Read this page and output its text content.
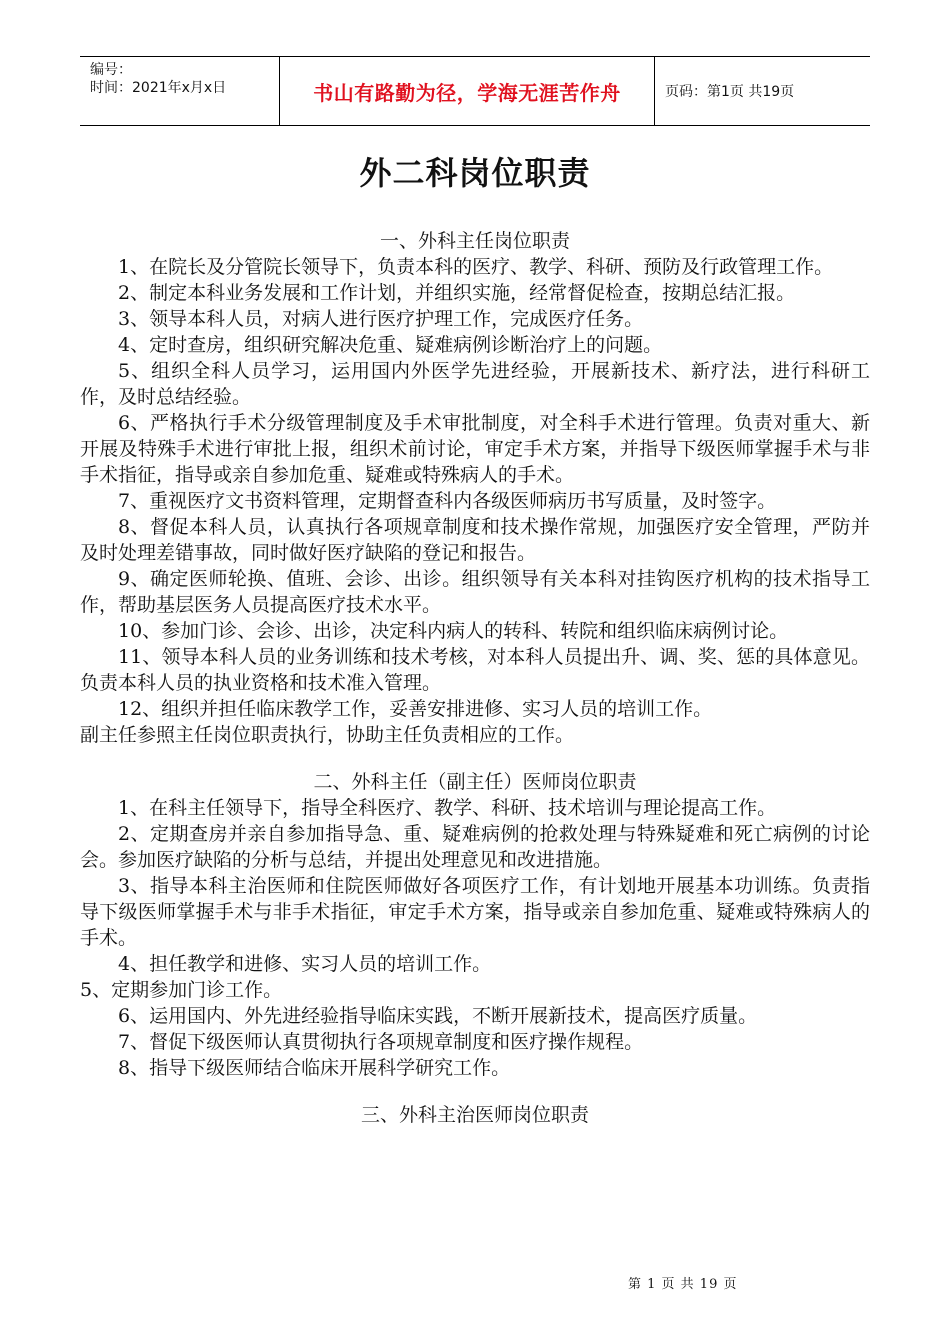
编号：
时间：2021年x月x日	书山有路勤为径，学海无涯苦作舟	页码：第1页 共19页
外二科岗位职责

一、外科主任岗位职责

1、在院长及分管院长领导下，负责本科的医疗、教学、科研、预防及行政管理工作。

2、制定本科业务发展和工作计划，并组织实施，经常督促检查，按期总结汇报。

3、领导本科人员，对病人进行医疗护理工作，完成医疗任务。

4、定时查房，组织研究解决危重、疑难病例诊断治疗上的问题。

5、组织全科人员学习，运用国内外医学先进经验，开展新技术、新疗法，进行科研工作，及时总结经验。

6、严格执行手术分级管理制度及手术审批制度，对全科手术进行管理。负责对重大、新开展及特殊手术进行审批上报，组织术前讨论，审定手术方案，并指导下级医师掌握手术与非手术指征，指导或亲自参加危重、疑难或特殊病人的手术。

7、重视医疗文书资料管理，定期督查科内各级医师病历书写质量，及时签字。

8、督促本科人员，认真执行各项规章制度和技术操作常规，加强医疗安全管理，严防并及时处理差错事故，同时做好医疗缺陷的登记和报告。

9、确定医师轮换、值班、会诊、出诊。组织领导有关本科对挂钩医疗机构的技术指导工作，帮助基层医务人员提高医疗技术水平。

10、参加门诊、会诊、出诊，决定科内病人的转科、转院和组织临床病例讨论。

11、领导本科人员的业务训练和技术考核，对本科人员提出升、调、奖、惩的具体意见。负责本科人员的执业资格和技术准入管理。

12、组织并担任临床教学工作，妥善安排进修、实习人员的培训工作。

副主任参照主任岗位职责执行，协助主任负责相应的工作。

二、外科主任（副主任）医师岗位职责

1、在科主任领导下，指导全科医疗、教学、科研、技术培训与理论提高工作。

2、定期查房并亲自参加指导急、重、疑难病例的抢救处理与特殊疑难和死亡病例的讨论会。参加医疗缺陷的分析与总结，并提出处理意见和改进措施。

3、指导本科主治医师和住院医师做好各项医疗工作，有计划地开展基本功训练。负责指导下级医师掌握手术与非手术指征，审定手术方案，指导或亲自参加危重、疑难或特殊病人的手术。

4、担任教学和进修、实习人员的培训工作。

5、定期参加门诊工作。

6、运用国内、外先进经验指导临床实践，不断开展新技术，提高医疗质量。

7、督促下级医师认真贯彻执行各项规章制度和医疗操作规程。

8、指导下级医师结合临床开展科学研究工作。

三、外科主治医师岗位职责

第 1 页 共 19 页
